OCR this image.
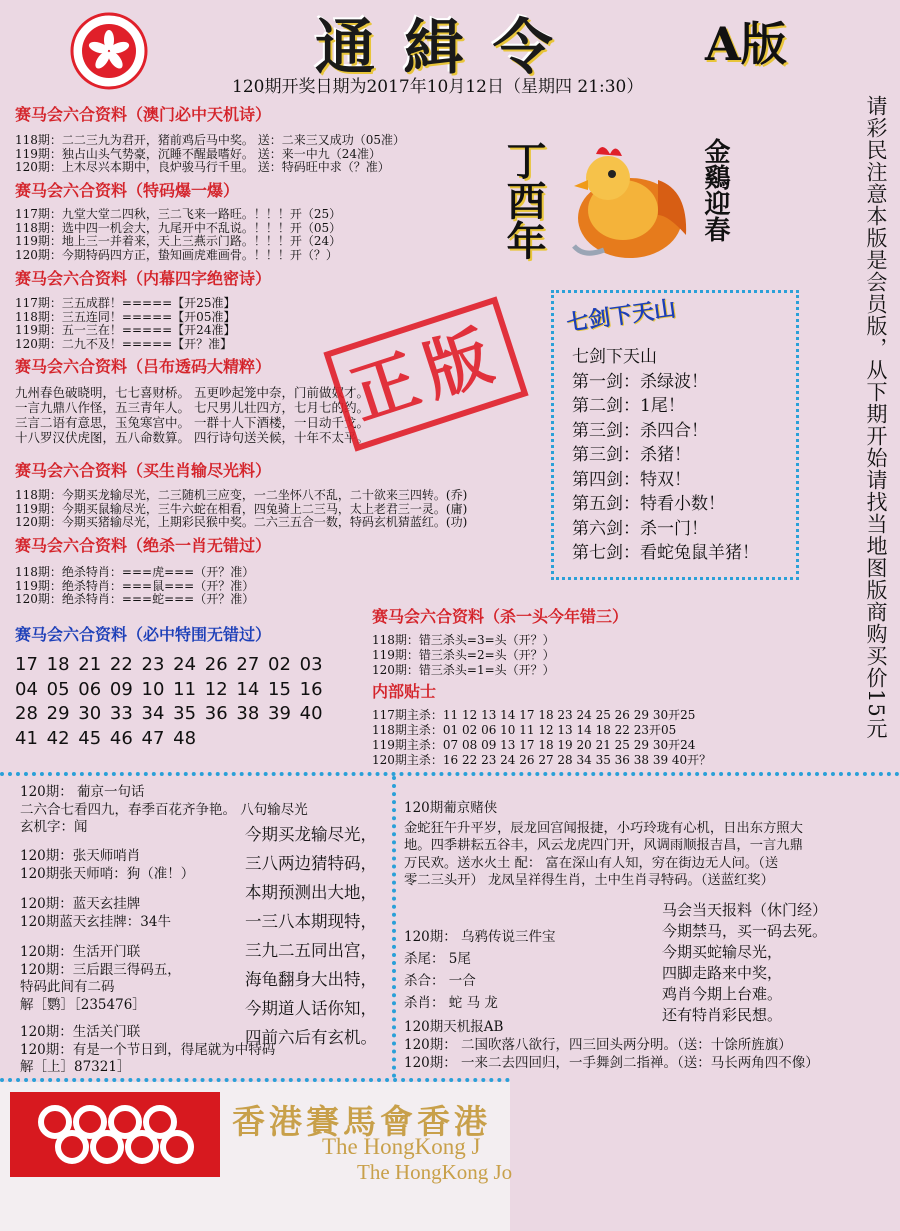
通 緝 令	A版
120期开奖日期为2017年10月12日（星期四 21:30）
丁酉年	金鷄迎春	请彩民注意本版是会员版，从下期开始请找当地图版商购买价15元
赛马会六合资料（澳门必中天机诗）
118期：二二三九为君开，猪前鸡后马中奖。 送：二来三又成功（05准）
119期：独占山头气势豪，沉睡不醒最嗜好。 送：来一中九（24准）
120期：上木尽兴本期中，良炉骏马行千里。 送：特码旺中求（？准）
赛马会六合资料（特码爆一爆）
117期：九堂大堂二四秋，三二飞来一路旺。！！！开（25）
118期：选中四一机会大，九尾开中不乱说。！！！开（05）
119期：地上三一并着来，天上三燕示门路。！！！开（24）
120期：今期特码四方正，蛰知画虎难画骨。！！！开（？）
赛马会六合资料（内幕四字绝密诗）
117期：三五成群！=====【开25准】
118期：三五连同！=====【开05准】
119期：五一三在！=====【开24准】
120期：二九不及！=====【开？准】
赛马会六合资料（吕布透码大精粹）
九州春色破晓明，七七喜财桥。 五更吵起笼中奈，门前做奴才。
一言九鼎八作怪，五三青年人。 七尺男儿壮四方，七月七的约。
三言二语有意思，玉兔寒宫中。 一群十人下酒楼，一日动千戈。
十八罗汉伏虎图，五八命数算。 四行诗句送关候，十年不太平。
正版
赛马会六合资料（买生肖输尽光料）
118期：今期买龙输尽光，二三随机三应变，一二坐怀八不乱，二十欲来三四转。(乔)
119期：今期买鼠输尽光，三牛六蛇在相看，四兔骑上二三马，太上老君三一灵。(庸)
120期：今期买猪输尽光，上期彩民猴中奖。二六三五合一数，特码玄机猜蓝红。(功)
赛马会六合资料（绝杀一肖无错过）
118期：绝杀特肖：===虎===（开？准）
119期：绝杀特肖：===鼠===（开？准）
120期：绝杀特肖：===蛇===（开？准）
赛马会六合资料（必中特围无错过）
17 18 21 22 23 24 26 27 02 03
04 05 06 09 10 11 12 14 15 16
28 29 30 33 34 35 36 38 39 40
41 42 45 46 47 48
七剑下天山
七剑下天山
第一剑：杀绿波！
第二剑：1尾！
第三剑：杀四合！
第三剑：杀猪！
第四剑：特双！
第五剑：特看小数！
第六剑：杀一门！
第七剑：看蛇兔鼠羊猪！
赛马会六合资料（杀一头今年错三）
118期：错三杀头=3=头（开？）
119期：错三杀头=2=头（开？）
120期：错三杀头=1=头（开？）
内部贴士
117期主杀：11 12 13 14 17 18 23 24 25 26 29 30开25
118期主杀：01 02 06 10 11 12 13 14 18 22 23开05
119期主杀：07 08 09 13 17 18 19 20 21 25 29 30开24
120期主杀：16 22 23 24 26 27 28 34 35 36 38 39 40开？
120期： 葡京一句话
二六合七看四九，春季百花齐争艳。 八句输尽光
玄机字：闻
120期：张天师哨肖
120期张天师哨：狗（准！）
120期：蓝天玄挂牌
120期蓝天玄挂牌：34牛
120期：生活开门联
120期：三后跟三得码五，
特码此间有二码
解［鹦］［235476］
120期：生活关门联
120期：有是一个节日到，得尾就为中特码
解［上］87321］
今期买龙输尽光，
三八两边猜特码，
本期预测出大地，
一三八本期现特，
三九二五同出宫，
海龟翻身大出特，
今期道人话你知，
四前六后有玄机。
120期葡京赌侠
金蛇狂午升平岁，辰龙回宫闻报捷，小巧玲珑有心机，日出东方照大
地。四季耕耘五谷丰，风云龙虎四门开，风调雨顺报吉昌，一言九鼎
万民欢。送水火土 配： 富在深山有人知，穷在街边无人问。（送
零二三头开） 龙凤呈祥得生肖，土中生肖寻特码。（送蓝红奖）
120期： 乌鸦传说三件宝
杀尾： 5尾
杀合： 一合
杀肖： 蛇 马 龙
马会当天报料（休门经）
今期禁马，买一码去死。
今期买蛇输尽光，
四脚走路来中奖，
鸡肖今期上台难。
还有特肖彩民想。
120期天机报AB
120期： 二国吹落八欲行，四三回头两分明。（送：十馀所旌旗）
120期： 一来二去四回归，一手舞剑二指禅。（送：马长两角四不像）
香港賽馬會香港
The HongKong J
The HongKong Jo
